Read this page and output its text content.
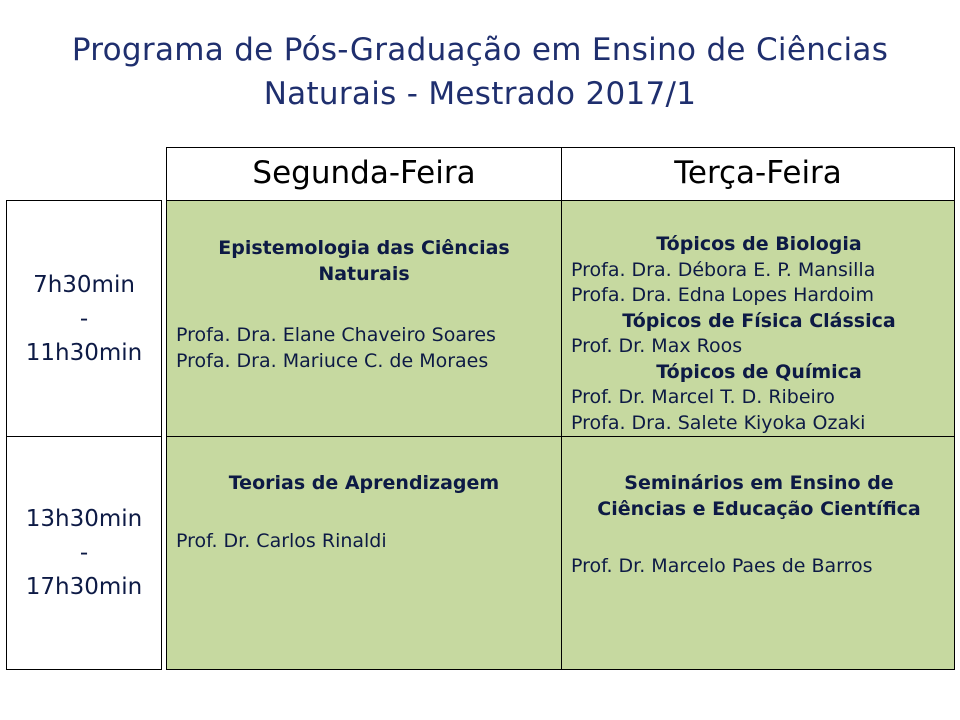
Programa de Pós-Graduação em Ensino de Ciências
Naturais - Mestrado 2017/1
Segunda-Feira	Terça-Feira
7h30min
-
11h30min
13h30min
-
17h30min
Epistemologia das Ciências
Naturais
Profa. Dra. Elane Chaveiro Soares
Profa. Dra. Mariuce C. de Moraes
Tópicos de Biologia
Profa. Dra. Débora E. P. Mansilla
Profa. Dra. Edna Lopes Hardoim
Tópicos de Física Clássica
Prof. Dr. Max Roos
Tópicos de Química
Prof. Dr. Marcel T. D. Ribeiro
Profa. Dra. Salete Kiyoka Ozaki
Teorias de Aprendizagem
Prof. Dr. Carlos Rinaldi
Seminários em Ensino de
Ciências e Educação Científica
Prof. Dr. Marcelo Paes de Barros
